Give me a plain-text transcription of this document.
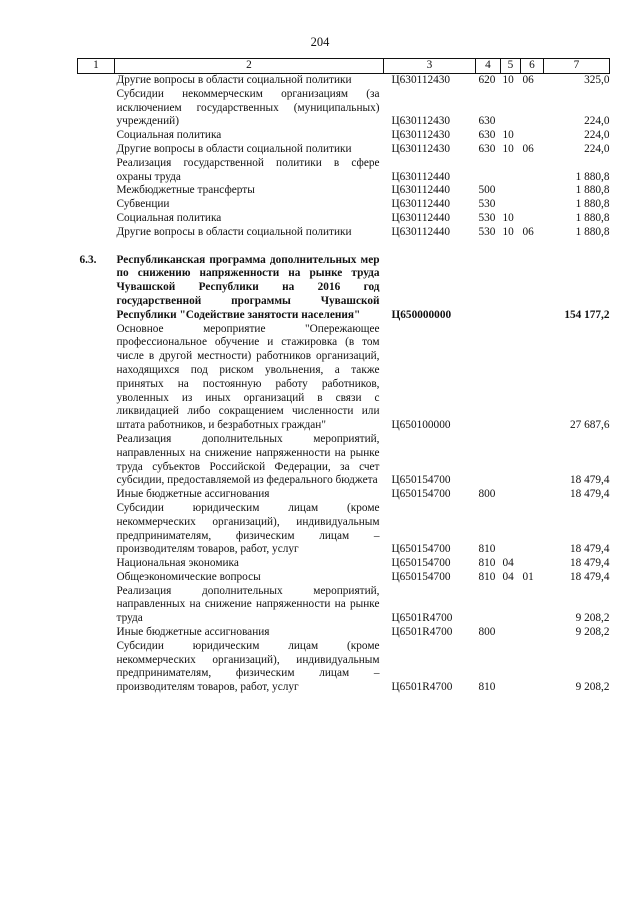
204
1	2	3	4	5	6	7
	Другие вопросы в области социальной политики	Ц630112430	620	10	06	325,0
	Субсидии некоммерческим организациям (за исключением государственных (муниципальных) учреждений)	Ц630112430	630			224,0
	Социальная политика	Ц630112430	630	10		224,0
	Другие вопросы в области социальной политики	Ц630112430	630	10	06	224,0
	Реализация государственной политики в сфере охраны труда	Ц630112440				1 880,8
	Межбюджетные трансферты	Ц630112440	500			1 880,8
	Субвенции	Ц630112440	530			1 880,8
	Социальная политика	Ц630112440	530	10		1 880,8
	Другие вопросы в области социальной политики	Ц630112440	530	10	06	1 880,8

6.3.	Республиканская программа дополнительных мер по снижению напряженности на рынке труда Чувашской Республики на 2016 год государственной программы Чувашской Республики "Содействие занятости населения"	Ц650000000				154 177,2
	Основное мероприятие "Опережающее профессиональное обучение и стажировка (в том числе в другой местности) работников организаций, находящихся под риском увольнения, а также принятых на постоянную работу работников, уволенных из иных организаций в связи с ликвидацией либо сокращением численности или штата работников, и безработных граждан"	Ц650100000				27 687,6
	Реализация дополнительных мероприятий, направленных на снижение напряженности на рынке труда субъектов Российской Федерации, за счет субсидии, предоставляемой из федерального бюджета	Ц650154700				18 479,4
	Иные бюджетные ассигнования	Ц650154700	800			18 479,4
	Субсидии юридическим лицам (кроме некоммерческих организаций), индивидуальным предпринимателям, физическим лицам – производителям товаров, работ, услуг	Ц650154700	810			18 479,4
	Национальная экономика	Ц650154700	810	04		18 479,4
	Общеэкономические вопросы	Ц650154700	810	04	01	18 479,4
	Реализация дополнительных мероприятий, направленных на снижение напряженности на рынке труда	Ц6501R4700				9 208,2
	Иные бюджетные ассигнования	Ц6501R4700	800			9 208,2
	Субсидии юридическим лицам (кроме некоммерческих организаций), индивидуальным предпринимателям, физическим лицам – производителям товаров, работ, услуг	Ц6501R4700	810			9 208,2
